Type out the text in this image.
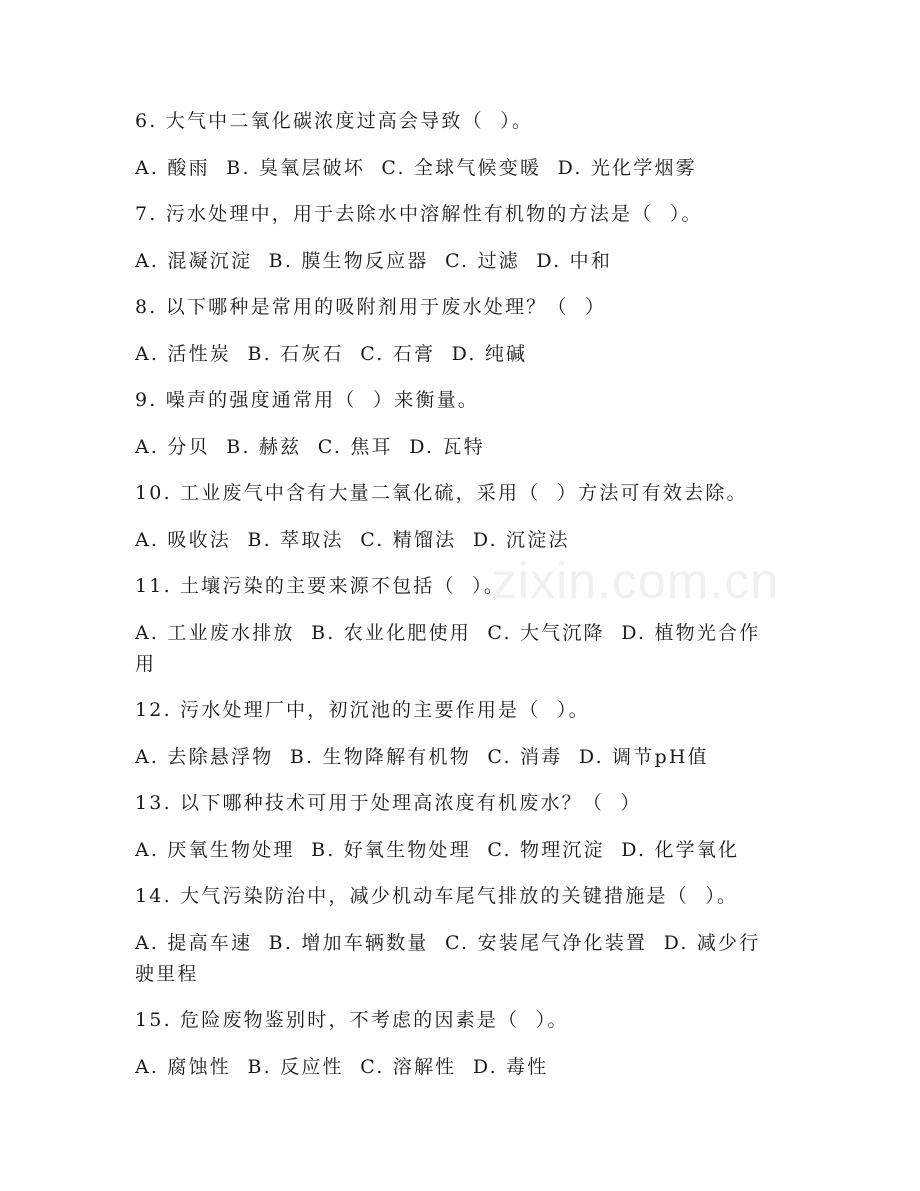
zixin.com.cn
6. 大气中二氧化碳浓度过高会导致（  ）。
A. 酸雨  B. 臭氧层破坏  C. 全球气候变暖  D. 光化学烟雾
7. 污水处理中，用于去除水中溶解性有机物的方法是（  ）。
A. 混凝沉淀  B. 膜生物反应器  C. 过滤  D. 中和
8. 以下哪种是常用的吸附剂用于废水处理？（  ）
A. 活性炭  B. 石灰石  C. 石膏  D. 纯碱
9. 噪声的强度通常用（  ）来衡量。
A. 分贝  B. 赫兹  C. 焦耳  D. 瓦特
10. 工业废气中含有大量二氧化硫，采用（  ）方法可有效去除。
A. 吸收法  B. 萃取法  C. 精馏法  D. 沉淀法
11. 土壤污染的主要来源不包括（  ）。
A. 工业废水排放  B. 农业化肥使用  C. 大气沉降  D. 植物光合作用
12. 污水处理厂中，初沉池的主要作用是（  ）。
A. 去除悬浮物  B. 生物降解有机物  C. 消毒  D. 调节pH值
13. 以下哪种技术可用于处理高浓度有机废水？（  ）
A. 厌氧生物处理  B. 好氧生物处理  C. 物理沉淀  D. 化学氧化
14. 大气污染防治中，减少机动车尾气排放的关键措施是（  ）。
A. 提高车速  B. 增加车辆数量  C. 安装尾气净化装置  D. 减少行驶里程
15. 危险废物鉴别时，不考虑的因素是（  ）。
A. 腐蚀性  B. 反应性  C. 溶解性  D. 毒性
